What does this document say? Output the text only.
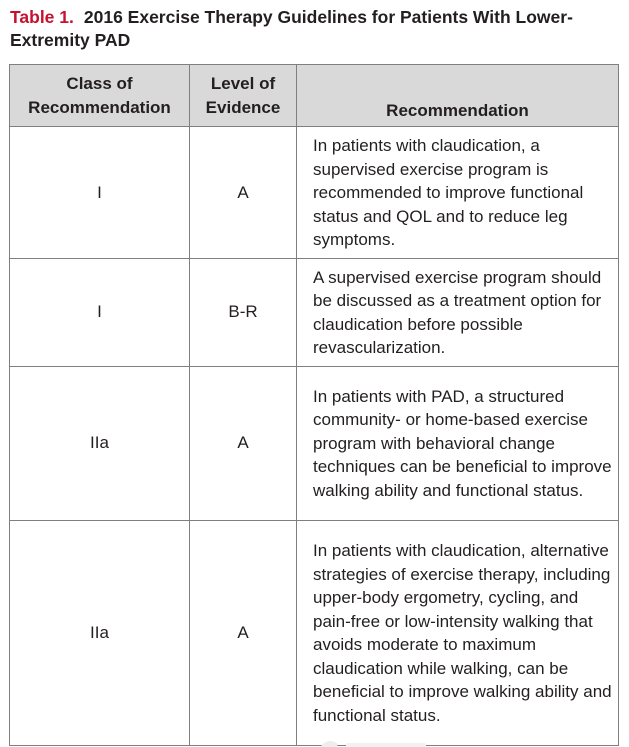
Table 1. 2016 Exercise Therapy Guidelines for Patients With Lower-Extremity PAD
Class of Recommendation	Level of Evidence	Recommendation
I	A	In patients with claudication, a supervised exercise program is recommended to improve functional status and QOL and to reduce leg symptoms.
I	B-R	A supervised exercise program should be discussed as a treatment option for claudication before possible revascularization.
IIa	A	In patients with PAD, a structured community- or home-based exercise program with behavioral change techniques can be beneficial to improve walking ability and functional status.
IIa	A	In patients with claudication, alternative strategies of exercise therapy, including upper-body ergometry, cycling, and pain-free or low-intensity walking that avoids moderate to maximum claudication while walking, can be beneficial to improve walking ability and functional status.
